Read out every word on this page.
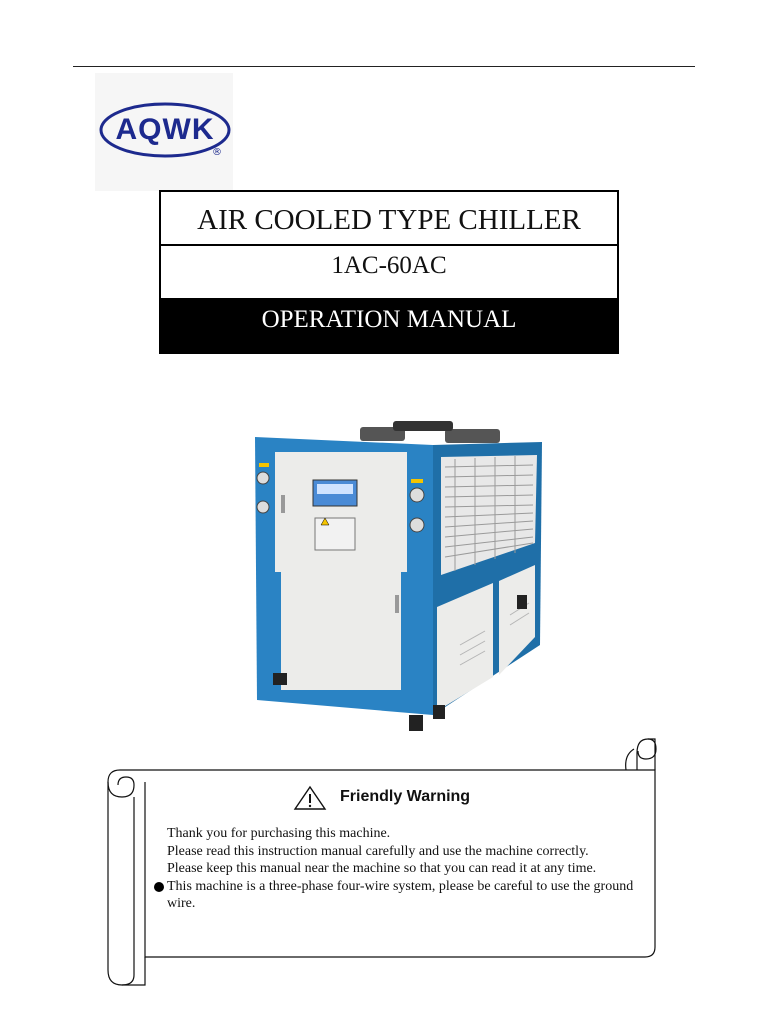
AQWK
®
AIR COOLED TYPE CHILLER
1AC-60AC
OPERATION MANUAL
Friendly Warning

Thank you for purchasing this machine.

Please read this instruction manual carefully and use the machine correctly.

Please keep this manual near the machine so that you can read it at any time.

This machine is a three-phase four-wire system, please be careful to use the ground wire.
